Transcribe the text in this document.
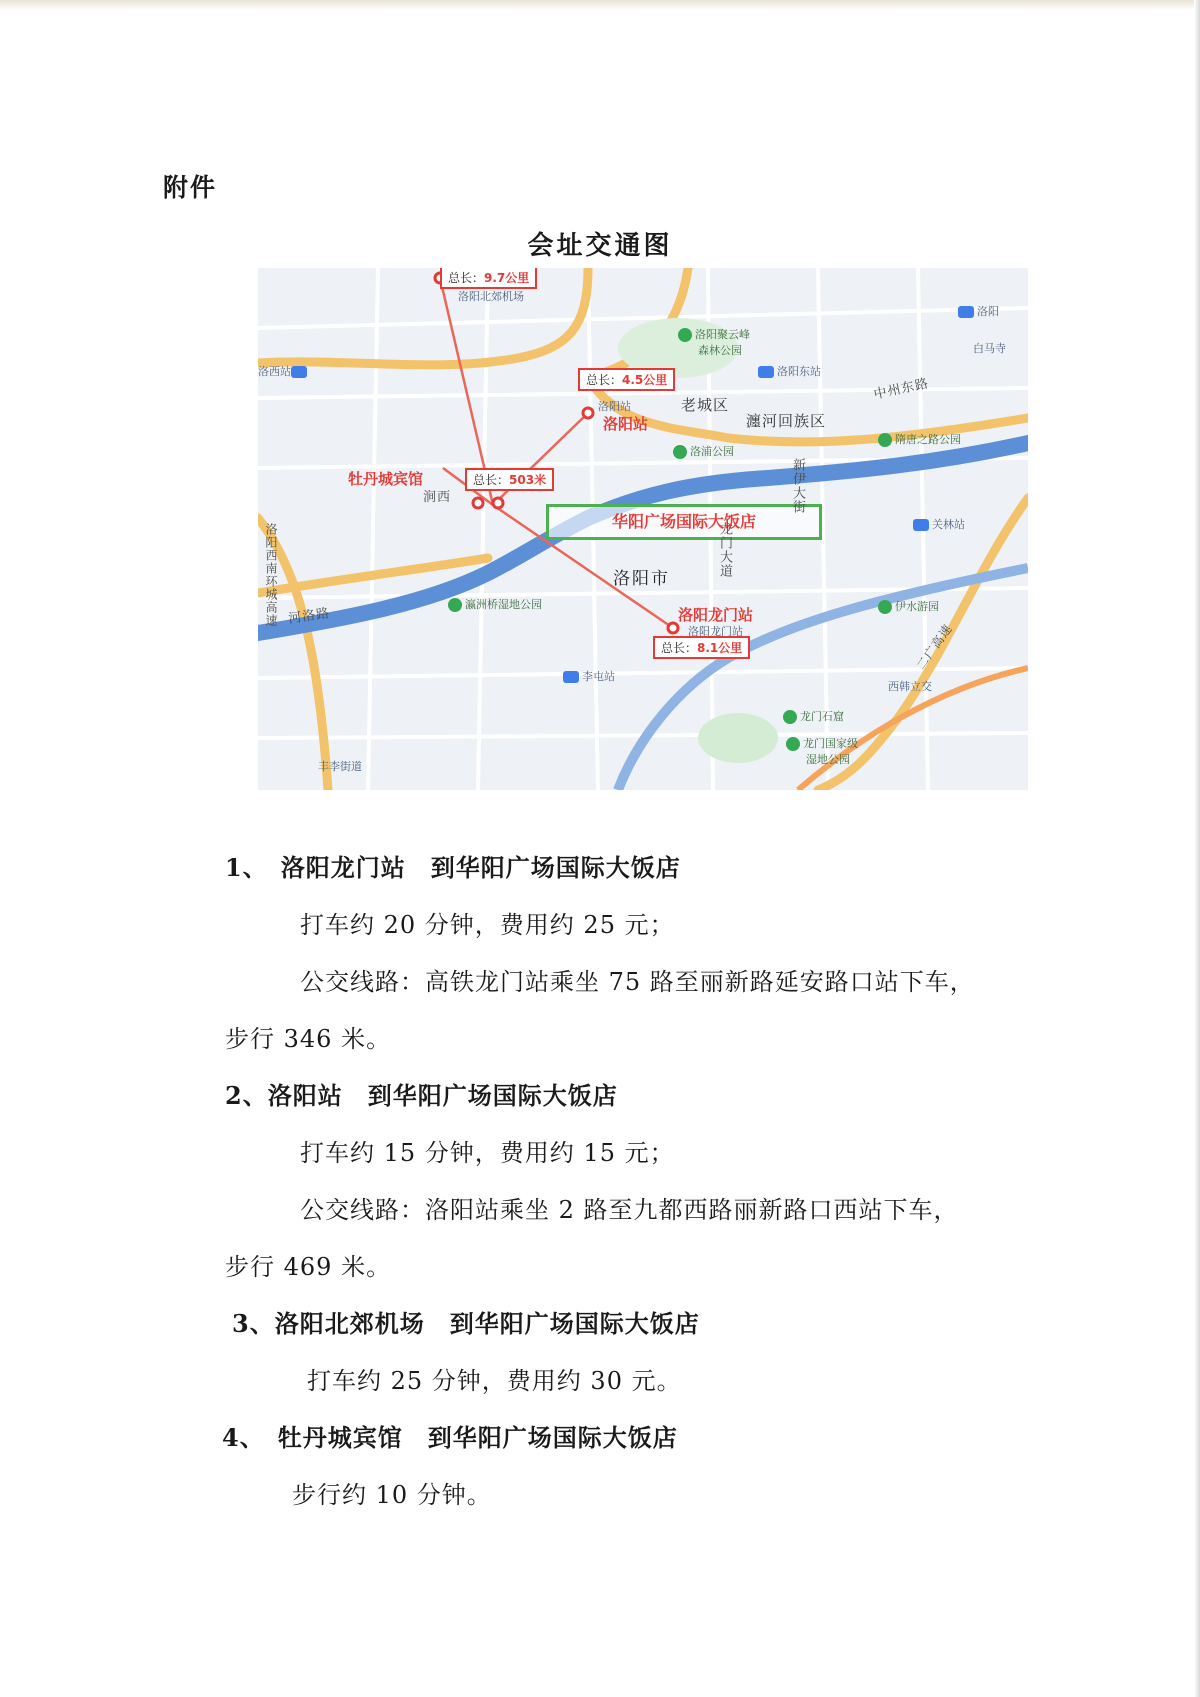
附件
会址交通图
总长：9.7公里
总长：4.5公里
总长：503米
总长：8.1公里
华阳广场国际大饭店
洛阳北郊机场
洛阳站
洛阳站
牡丹城宾馆
涧西
洛阳龙门站
洛阳龙门站
洛阳市
老城区
瀍河回族区
中州东路
新伊大街
龙门大道
洛阳西南环城高速 河洛路
洛阳东站
洛西站
洛阳
白马寺
关林站
李屯站
伊水游园
龙门石窟
龙门国家级
湿地公园
洛阳聚云峰
森林公园
洛浦公园
隋唐之路公园
瀛洲桥湿地公园
西韩立交
丰李街道
二广高速
1、　洛阳龙门站　到华阳广场国际大饭店
打车约 20 分钟，费用约 25 元；
公交线路：高铁龙门站乘坐 75 路至丽新路延安路口站下车，
步行 346 米。
2、洛阳站　到华阳广场国际大饭店
打车约 15 分钟，费用约 15 元；
公交线路：洛阳站乘坐 2 路至九都西路丽新路口西站下车，
步行 469 米。
3、洛阳北郊机场　到华阳广场国际大饭店
打车约 25 分钟，费用约 30 元。
4、　牡丹城宾馆　到华阳广场国际大饭店
步行约 10 分钟。
